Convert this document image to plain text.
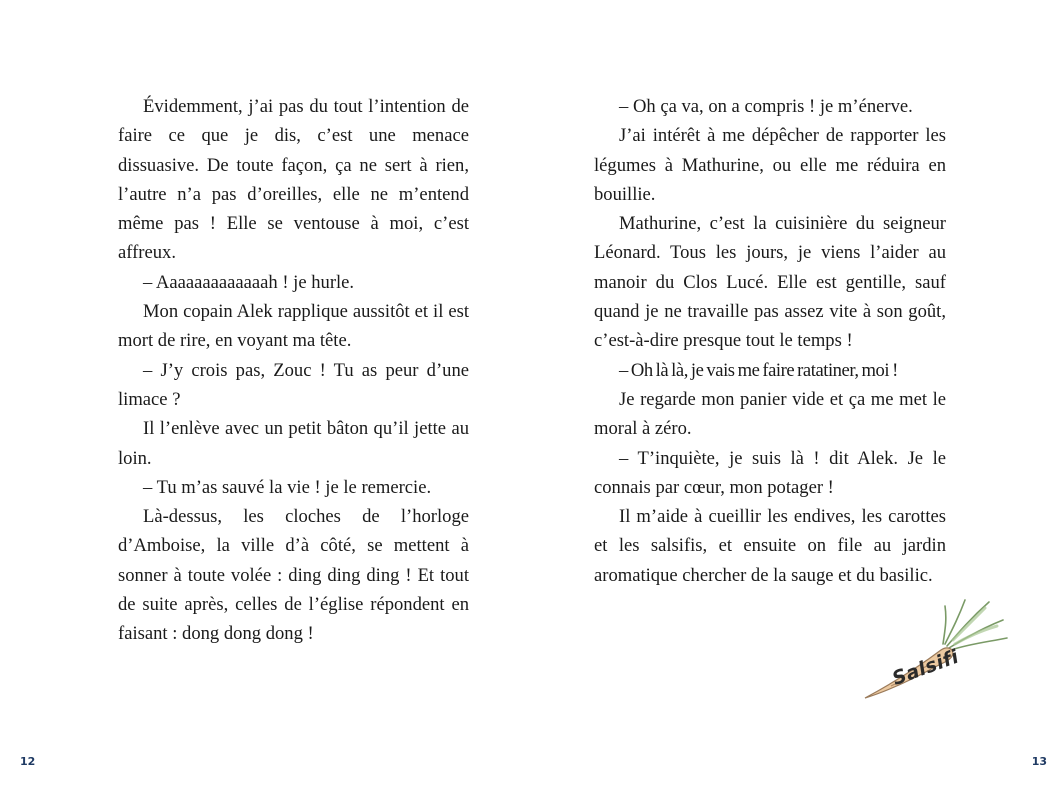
Évidemment, j’ai pas du tout l’intention de faire ce que je dis, c’est une menace dissuasive. De toute façon, ça ne sert à rien, l’autre n’a pas d’oreilles, elle ne m’entend même pas ! Elle se ventouse à moi, c’est affreux.

– Aaaaaaaaaaaaah ! je hurle.

Mon copain Alek rapplique aussitôt et il est mort de rire, en voyant ma tête.

– J’y crois pas, Zouc ! Tu as peur d’une limace ?

Il l’enlève avec un petit bâton qu’il jette au loin.

– Tu m’as sauvé la vie ! je le remercie.

Là-dessus, les cloches de l’horloge d’Amboise, la ville d’à côté, se mettent à sonner à toute volée : ding ding ding ! Et tout de suite après, celles de l’église répondent en faisant : dong dong dong !

12

– Oh ça va, on a compris ! je m’énerve.

J’ai intérêt à me dépêcher de rapporter les légumes à Mathurine, ou elle me réduira en bouillie.

Mathurine, c’est la cuisinière du seigneur Léonard. Tous les jours, je viens l’aider au manoir du Clos Lucé. Elle est gentille, sauf quand je ne travaille pas assez vite à son goût, c’est-à-dire presque tout le temps !

– Oh là là, je vais me faire ratatiner, moi !

Je regarde mon panier vide et ça me met le moral à zéro.

– T’inquiète, je suis là ! dit Alek. Je le connais par cœur, mon potager !

Il m’aide à cueillir les endives, les carottes et les salsifis, et ensuite on file au jardin aromatique chercher de la sauge et du basilic.

Salsifi
13
